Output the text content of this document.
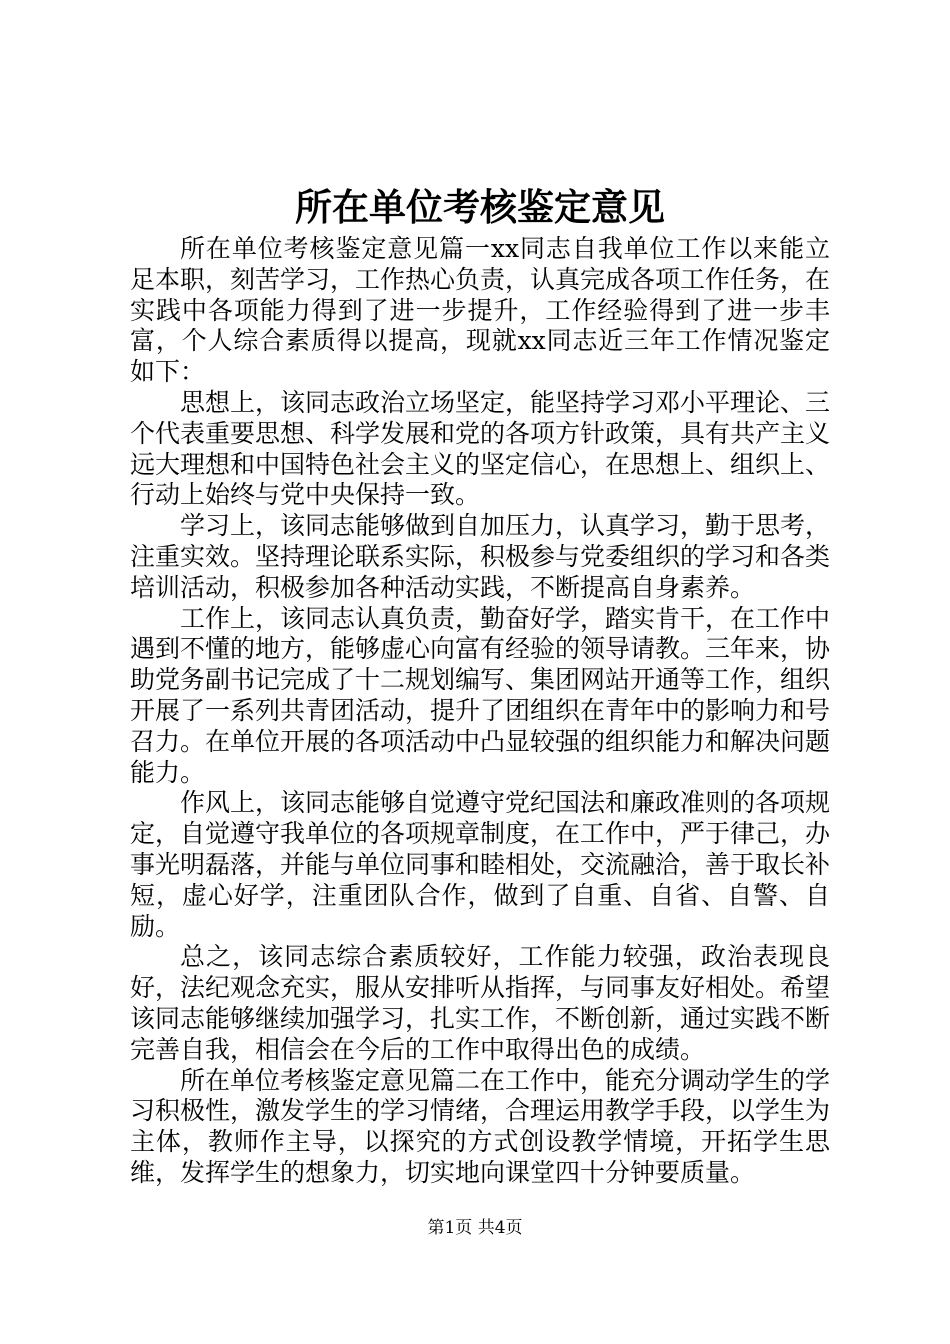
所在单位考核鉴定意见

所在单位考核鉴定意见篇一xx同志自我单位工作以来能立足本职，刻苦学习，工作热心负责，认真完成各项工作任务，在实践中各项能力得到了进一步提升，工作经验得到了进一步丰富，个人综合素质得以提高，现就xx同志近三年工作情况鉴定如下：

思想上，该同志政治立场坚定，能坚持学习邓小平理论、三个代表重要思想、科学发展和党的各项方针政策，具有共产主义远大理想和中国特色社会主义的坚定信心，在思想上、组织上、行动上始终与党中央保持一致。

学习上，该同志能够做到自加压力，认真学习，勤于思考，注重实效。坚持理论联系实际，积极参与党委组织的学习和各类培训活动，积极参加各种活动实践，不断提高自身素养。

工作上，该同志认真负责，勤奋好学，踏实肯干，在工作中遇到不懂的地方，能够虚心向富有经验的领导请教。三年来，协助党务副书记完成了十二规划编写、集团网站开通等工作，组织开展了一系列共青团活动，提升了团组织在青年中的影响力和号召力。在单位开展的各项活动中凸显较强的组织能力和解决问题能力。

作风上，该同志能够自觉遵守党纪国法和廉政准则的各项规定，自觉遵守我单位的各项规章制度，在工作中，严于律己，办事光明磊落，并能与单位同事和睦相处，交流融洽，善于取长补短，虚心好学，注重团队合作，做到了自重、自省、自警、自励。

总之，该同志综合素质较好，工作能力较强，政治表现良好，法纪观念充实，服从安排听从指挥，与同事友好相处。希望该同志能够继续加强学习，扎实工作，不断创新，通过实践不断完善自我，相信会在今后的工作中取得出色的成绩。

所在单位考核鉴定意见篇二在工作中，能充分调动学生的学习积极性，激发学生的学习情绪，合理运用教学手段，以学生为主体，教师作主导，以探究的方式创设教学情境，开拓学生思维，发挥学生的想象力，切实地向课堂四十分钟要质量。

第1页 共4页
